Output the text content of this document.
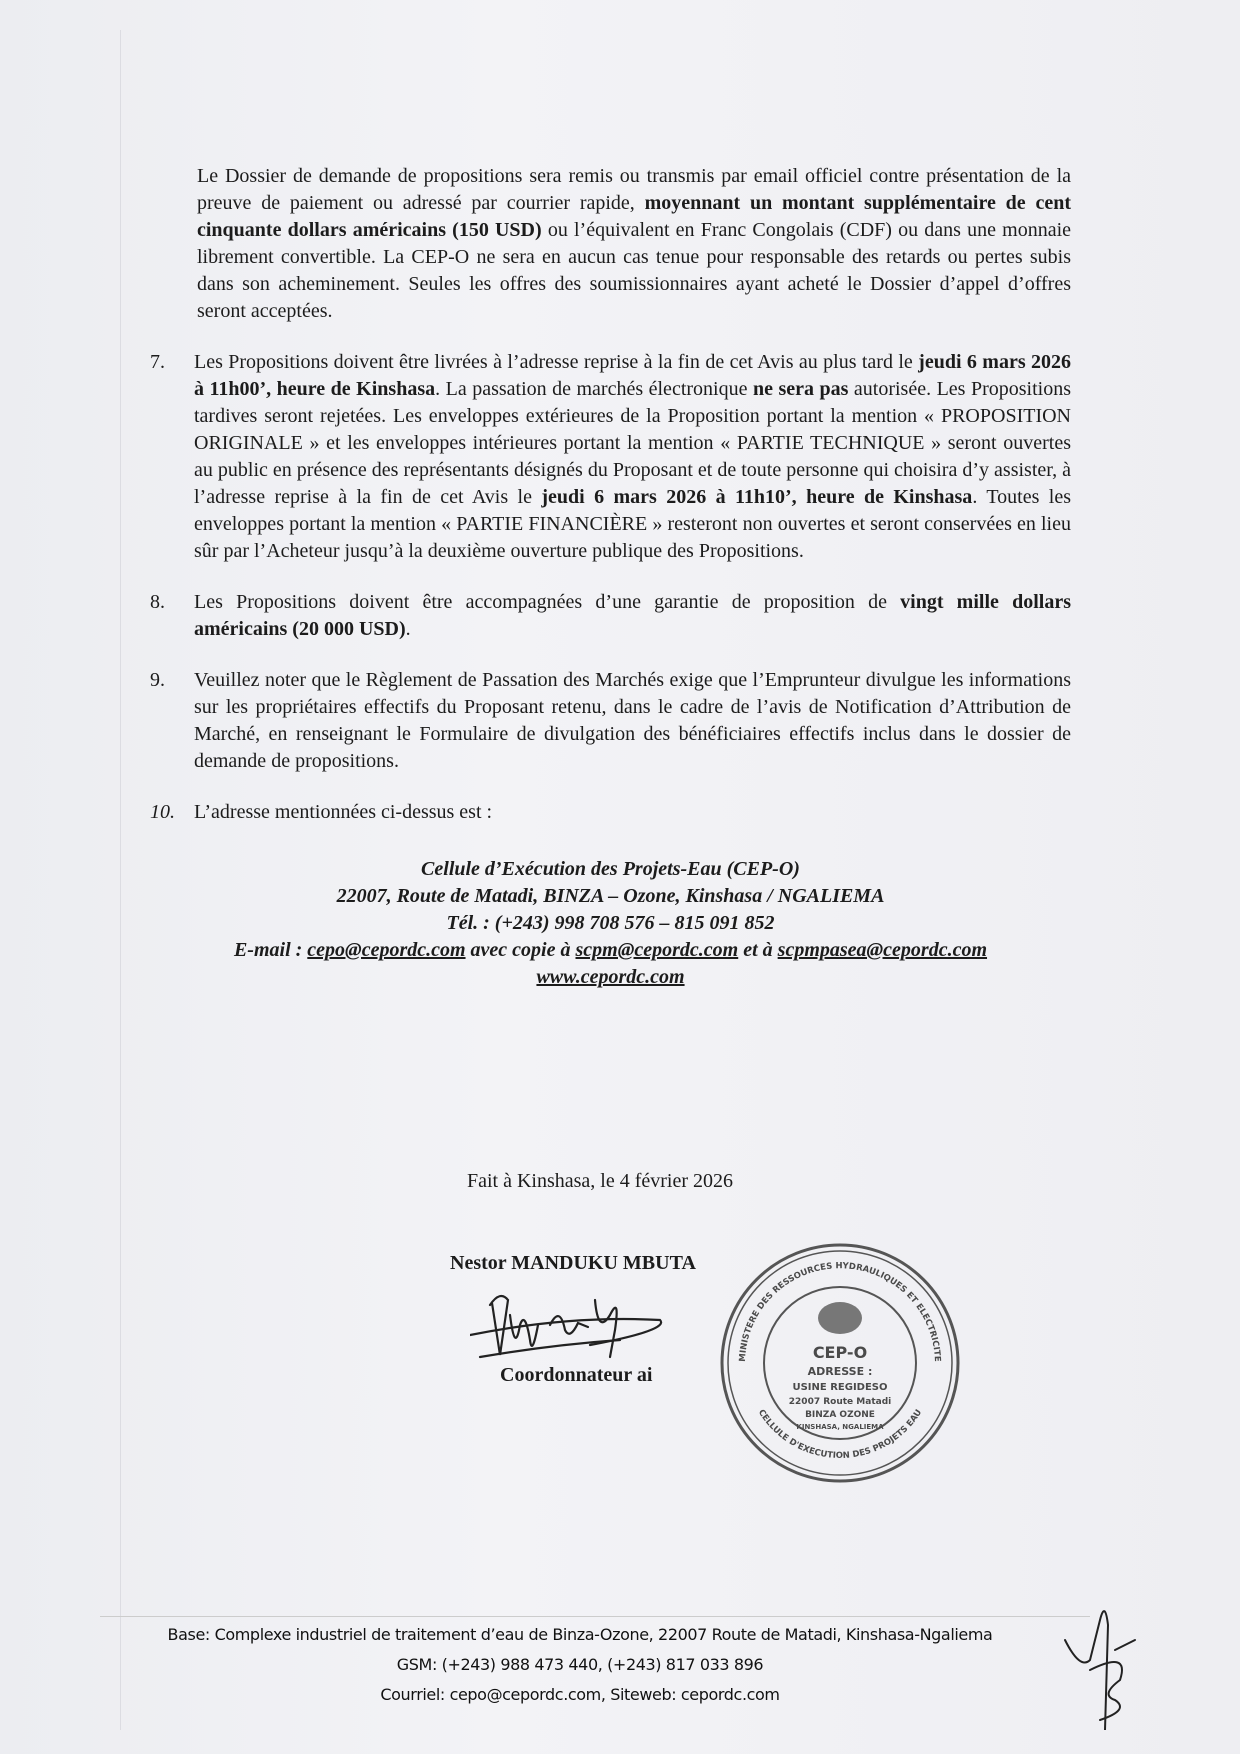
Le Dossier de demande de propositions sera remis ou transmis par email officiel contre présentation de la preuve de paiement ou adressé par courrier rapide, moyennant un montant supplémentaire de cent cinquante dollars américains (150 USD) ou l’équivalent en Franc Congolais (CDF) ou dans une monnaie librement convertible. La CEP-O ne sera en aucun cas tenue pour responsable des retards ou pertes subis dans son acheminement. Seules les offres des soumissionnaires ayant acheté le Dossier d’appel d’offres seront acceptées.
7.	Les Propositions doivent être livrées à l’adresse reprise à la fin de cet Avis au plus tard le jeudi 6 mars 2026 à 11h00’, heure de Kinshasa. La passation de marchés électronique ne sera pas autorisée. Les Propositions tardives seront rejetées. Les enveloppes extérieures de la Proposition portant la mention « PROPOSITION ORIGINALE » et les enveloppes intérieures portant la mention « PARTIE TECHNIQUE » seront ouvertes au public en présence des représentants désignés du Proposant et de toute personne qui choisira d’y assister, à l’adresse reprise à la fin de cet Avis le jeudi 6 mars 2026 à 11h10’, heure de Kinshasa. Toutes les enveloppes portant la mention « PARTIE FINANCIÈRE » resteront non ouvertes et seront conservées en lieu sûr par l’Acheteur jusqu’à la deuxième ouverture publique des Propositions.
8.	Les Propositions doivent être accompagnées d’une garantie de proposition de vingt mille dollars américains (20 000 USD).
9.	Veuillez noter que le Règlement de Passation des Marchés exige que l’Emprunteur divulgue les informations sur les propriétaires effectifs du Proposant retenu, dans le cadre de l’avis de Notification d’Attribution de Marché, en renseignant le Formulaire de divulgation des bénéficiaires effectifs inclus dans le dossier de demande de propositions.
10. L’adresse mentionnées ci-dessus est :
Cellule d’Exécution des Projets-Eau (CEP-O)
22007, Route de Matadi, BINZA – Ozone, Kinshasa / NGALIEMA
Tél. : (+243) 998 708 576 – 815 091 852
E-mail : cepo@cepordc.com avec copie à scpm@cepordc.com et à scpmpasea@cepordc.com
www.cepordc.com
Fait à Kinshasa, le 4 février 2026
Nestor MANDUKU MBUTA
Coordonnateur ai
MINISTERE DES RESSOURCES HYDRAULIQUES ET ELECTRICITE
CELLULE D'EXECUTION DES PROJETS EAU
CEP-O
ADRESSE :
USINE REGIDESO
22007 Route Matadi
BINZA OZONE
KINSHASA, NGALIEMA
Base: Complexe industriel de traitement d’eau de Binza-Ozone, 22007 Route de Matadi, Kinshasa-Ngaliema
GSM: (+243) 988 473 440, (+243) 817 033 896
Courriel: cepo@cepordc.com, Siteweb: cepordc.com
